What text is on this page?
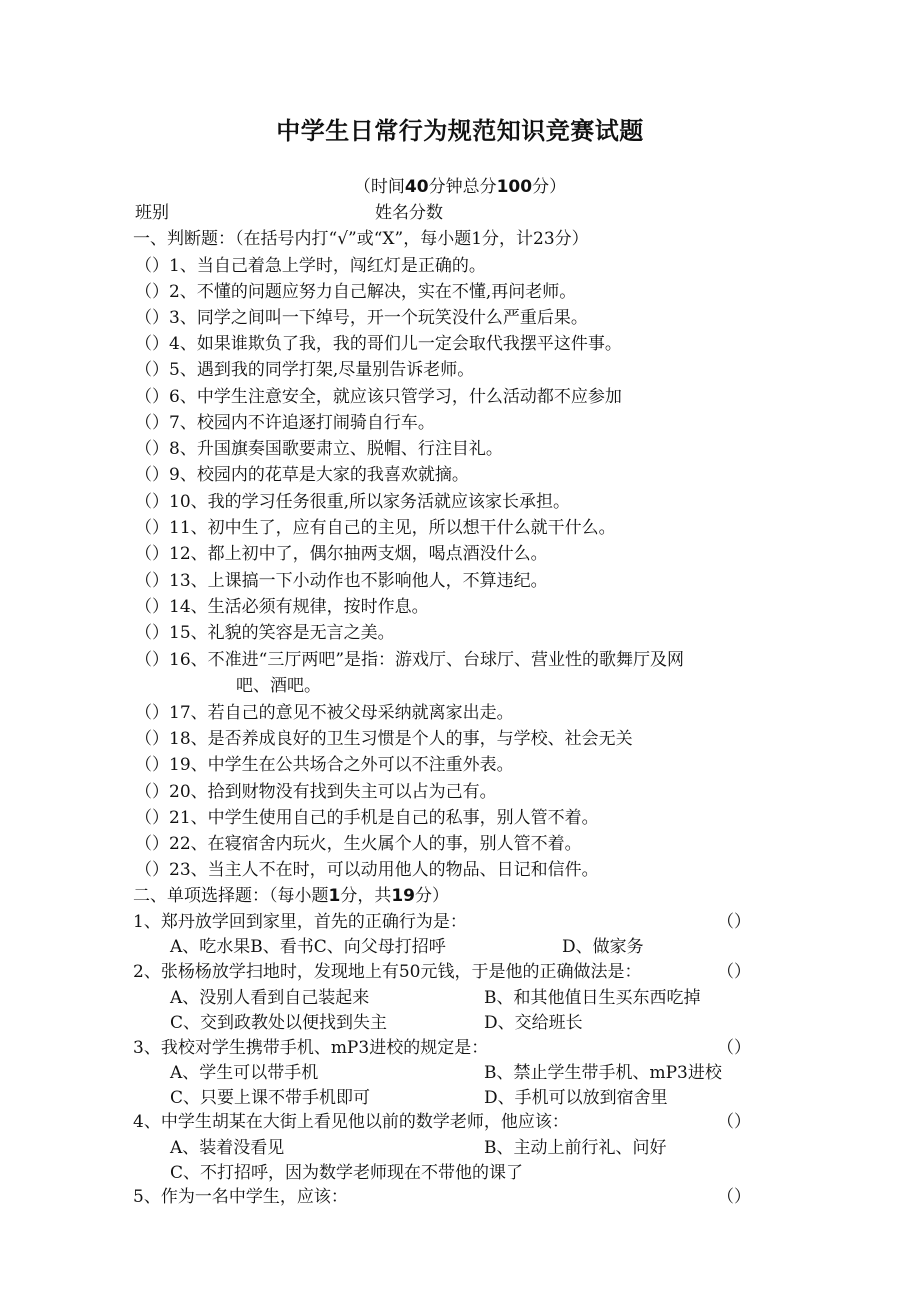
中学生日常行为规范知识竞赛试题
（时间40分钟总分100分）
班别	姓名分数
一、判断题：（在括号内打“√”或“X”，每小题1分，计23分）
（）1、当自己着急上学时，闯红灯是正确的。
（）2、不懂的问题应努力自己解决，实在不懂,再问老师。
（）3、同学之间叫一下绰号，开一个玩笑没什么严重后果。
（）4、如果谁欺负了我，我的哥们儿一定会取代我摆平这件事。
（）5、遇到我的同学打架,尽量别告诉老师。
（）6、中学生注意安全，就应该只管学习，什么活动都不应参加
（）7、校园内不许追逐打闹骑自行车。
（）8、升国旗奏国歌要肃立、脱帽、行注目礼。
（）9、校园内的花草是大家的我喜欢就摘。
（）10、我的学习任务很重,所以家务活就应该家长承担。
（）11、初中生了，应有自己的主见，所以想干什么就干什么。
（）12、都上初中了，偶尔抽两支烟，喝点酒没什么。
（）13、上课搞一下小动作也不影响他人，不算违纪。
（）14、生活必须有规律，按时作息。
（）15、礼貌的笑容是无言之美。
（）16、不准进“三厅两吧”是指：游戏厅、台球厅、营业性的歌舞厅及网
吧、酒吧。
（）17、若自己的意见不被父母采纳就离家出走。
（）18、是否养成良好的卫生习惯是个人的事，与学校、社会无关
（）19、中学生在公共场合之外可以不注重外表。
（）20、拾到财物没有找到失主可以占为己有。
（）21、中学生使用自己的手机是自己的私事，别人管不着。
（）22、在寝宿舍内玩火，生火属个人的事，别人管不着。
（）23、当主人不在时，可以动用他人的物品、日记和信件。
二、单项选择题：（每小题1分，共19分）
1、郑丹放学回到家里，首先的正确行为是：	（）
A、吃水果B、看书C、向父母打招呼	D、做家务
2、张杨杨放学扫地时，发现地上有50元钱，于是他的正确做法是：	（）
A、没别人看到自己装起来	B、和其他值日生买东西吃掉
C、交到政教处以便找到失主	D、交给班长
3、我校对学生携带手机、mP3进校的规定是：	（）
A、学生可以带手机	B、禁止学生带手机、mP3进校
C、只要上课不带手机即可	D、手机可以放到宿舍里
4、中学生胡某在大街上看见他以前的数学老师，他应该：	（）
A、装着没看见	B、主动上前行礼、问好
C、不打招呼，因为数学老师现在不带他的课了
5、作为一名中学生，应该：	（）
